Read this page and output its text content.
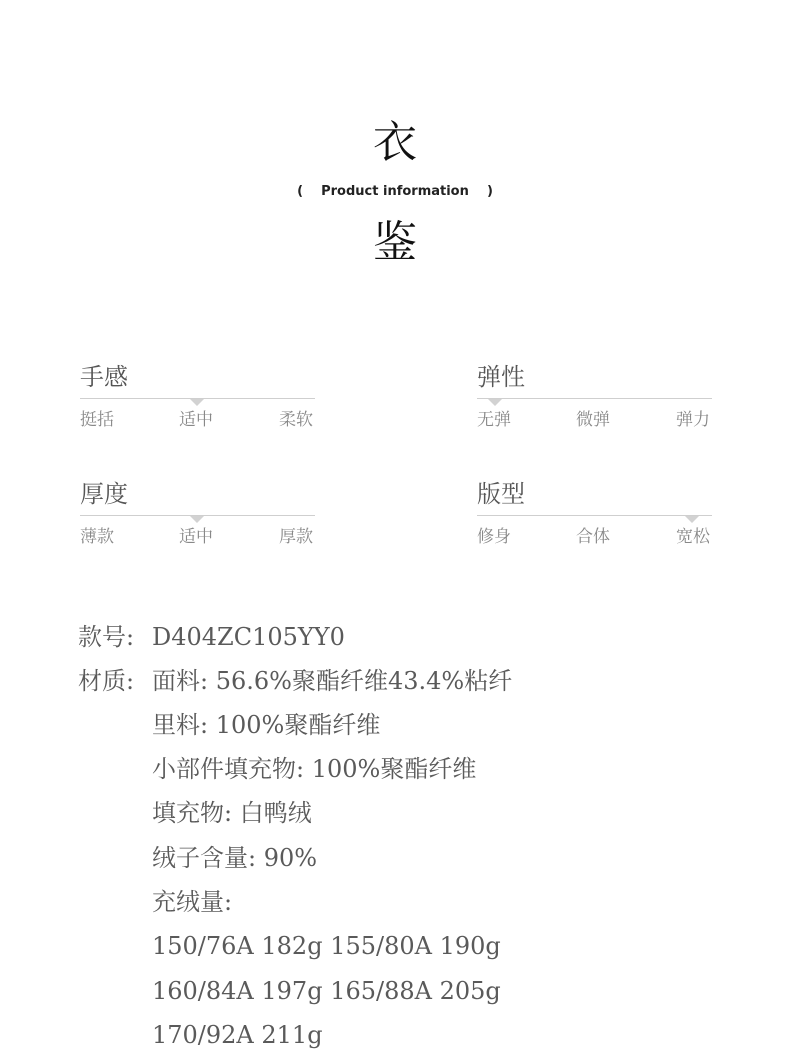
衣
(    Product information    )
鉴
手感
挺括	适中	柔软
弹性
无弹	微弹	弹力
厚度
薄款	适中	厚款
版型
修身	合体	宽松
款号: D404ZC105YY0
材质: 面料: 56.6%聚酯纤维43.4%粘纤
里料: 100%聚酯纤维
小部件填充物: 100%聚酯纤维
填充物: 白鸭绒
绒子含量: 90%
充绒量:
150/76A 182g 155/80A 190g
160/84A 197g 165/88A 205g
170/92A 211g
